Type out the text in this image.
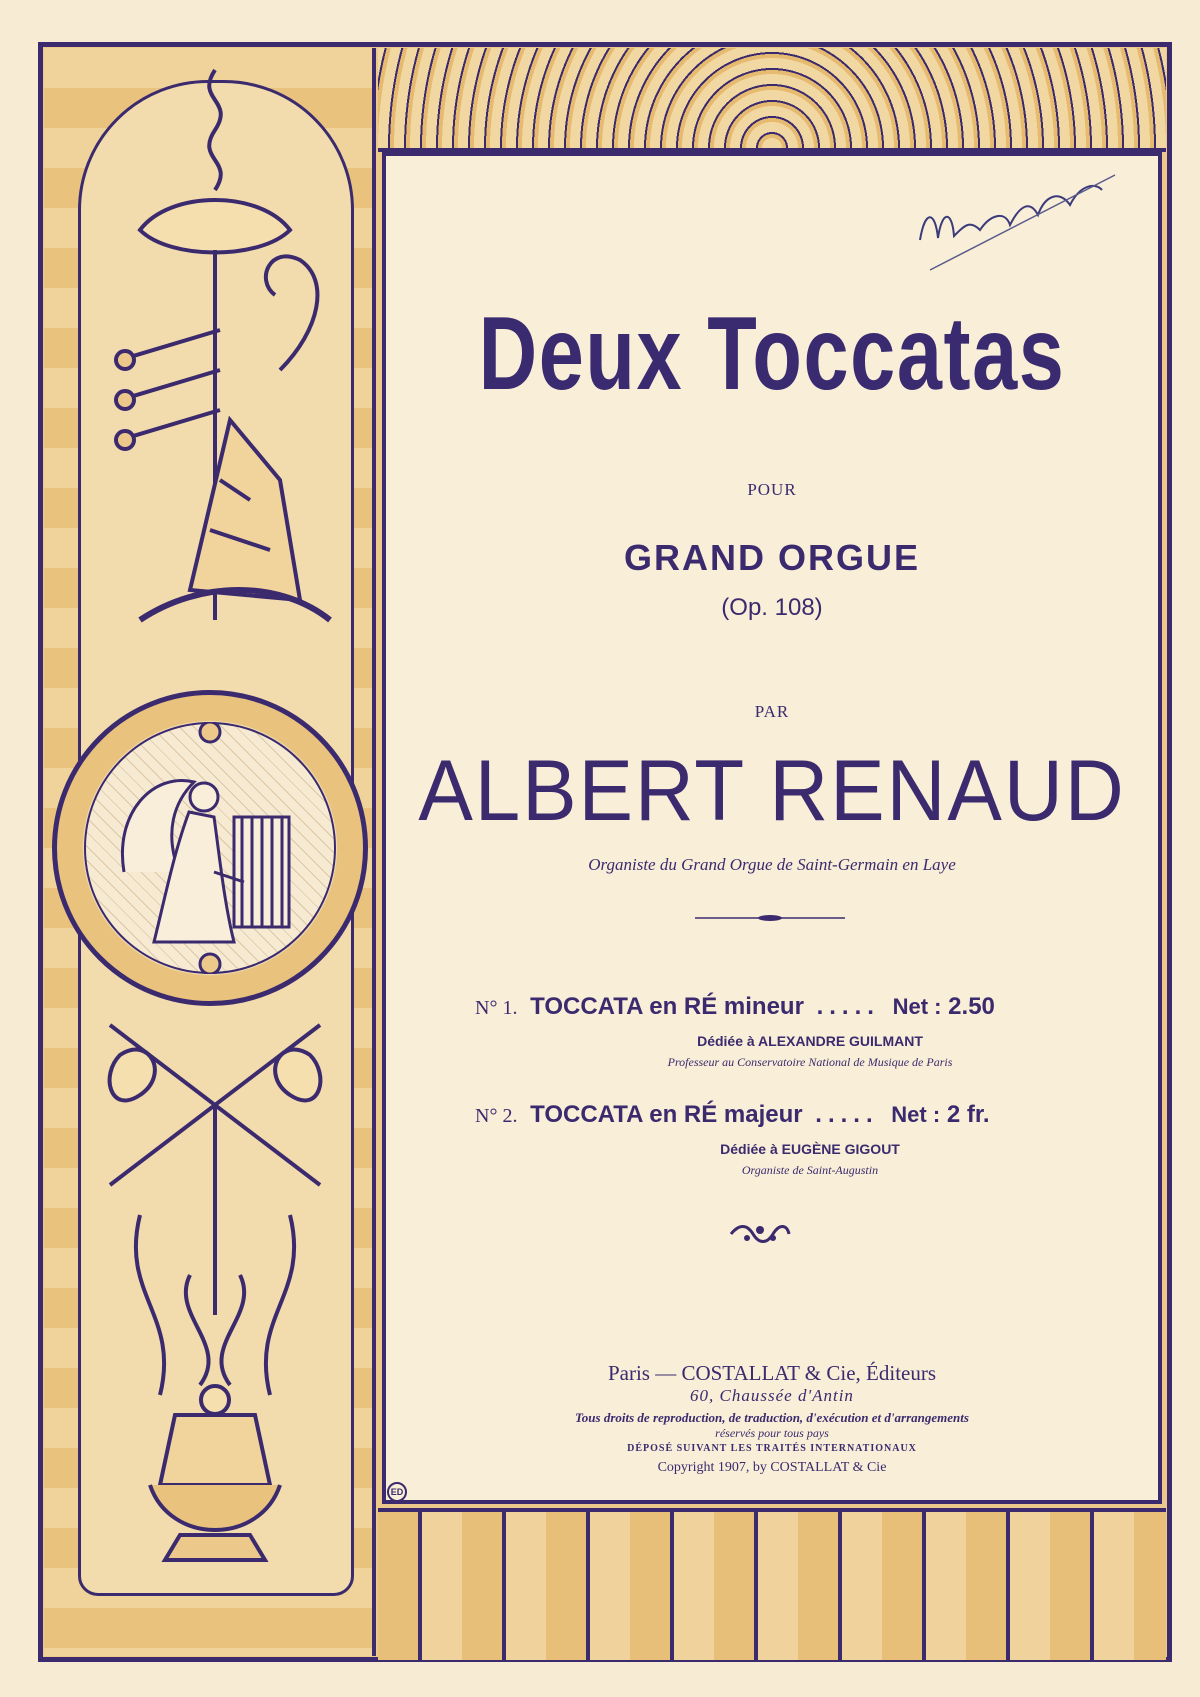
Deux Toccatas
POUR
GRAND ORGUE
(Op. 108)
PAR
ALBERT RENAUD
Organiste du Grand Orgue de Saint-Germain en Laye
N° 1. TOCCATA en RÉ mineur ..... Net : 2.50
Dédiée à ALEXANDRE GUILMANT
Professeur au Conservatoire National de Musique de Paris
N° 2. TOCCATA en RÉ majeur ..... Net : 2 fr.
Dédiée à EUGÈNE GIGOUT
Organiste de Saint-Augustin
Paris — COSTALLAT & Cie, Éditeurs
60, Chaussée d'Antin
Tous droits de reproduction, de traduction, d'exécution et d'arrangements
réservés pour tous pays
DÉPOSÉ SUIVANT LES TRAITÉS INTERNATIONAUX
Copyright 1907, by COSTALLAT & Cie
ED
